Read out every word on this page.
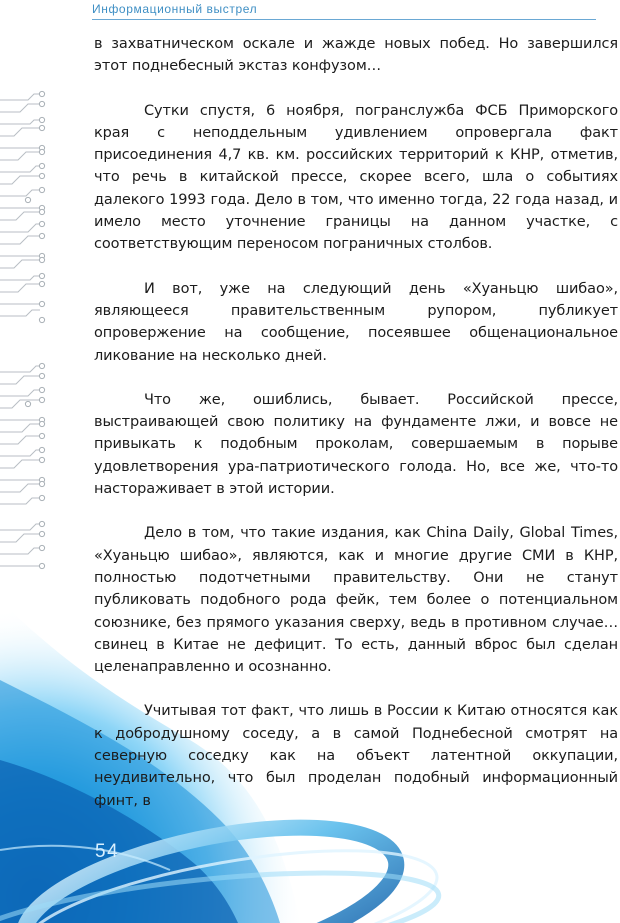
Информационный выстрел

в захватническом оскале и жажде новых побед. Но завершился этот поднебесный экстаз конфузом…

Сутки спустя, 6 ноября, погранслужба ФСБ Приморского края с неподдельным удивлением опровергала факт присоединения 4,7 кв. км. российских территорий к КНР, отметив, что речь в китайской прессе, скорее всего, шла о событиях далекого 1993 года. Дело в том, что именно тогда, 22 года назад, и имело место уточнение границы на данном участке, с соответствующим переносом пограничных столбов.

И вот, уже на следующий день «Хуаньцю шибао», являющееся правительственным рупором, публикует опровержение на сообщение, посеявшее общенациональное ликование на несколько дней.

Что же, ошиблись, бывает. Российской прессе, выстраивающей свою политику на фундаменте лжи, и вовсе не привыкать к подобным проколам, совершаемым в порыве удовлетворения ура-патриотического голода. Но, все же, что-то настораживает в этой истории.

Дело в том, что такие издания, как China Daily, Global Times, «Хуаньцю шибао», являются, как и многие другие СМИ в КНР, полностью подотчетными правительству. Они не станут публиковать подобного рода фейк, тем более о потенциальном союзнике, без прямого указания сверху, ведь в противном случае… свинец в Китае не дефицит. То есть, данный вброс был сделан целенаправленно и осознанно.

Учитывая тот факт, что лишь в России к Китаю относятся как к добродушному соседу, а в самой Поднебесной смотрят на северную соседку как на объект латентной оккупации, неудивительно, что был проделан подобный информационный финт, в

54
